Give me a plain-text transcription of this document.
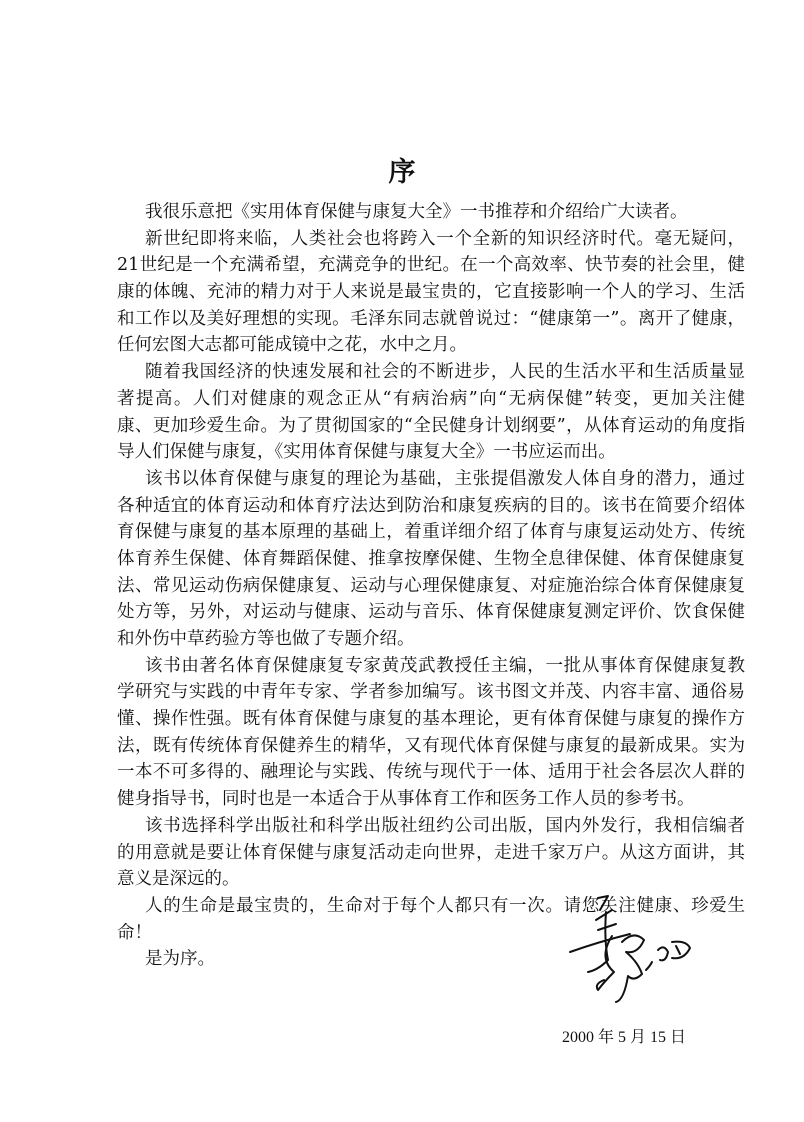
序
我很乐意把《实用体育保健与康复大全》一书推荐和介绍给广大读者。
新世纪即将来临，人类社会也将跨入一个全新的知识经济时代。毫无疑问，
21世纪是一个充满希望，充满竞争的世纪。在一个高效率、快节奏的社会里，健
康的体魄、充沛的精力对于人来说是最宝贵的，它直接影响一个人的学习、生活
和工作以及美好理想的实现。毛泽东同志就曾说过：“健康第一”。离开了健康，
任何宏图大志都可能成镜中之花，水中之月。
随着我国经济的快速发展和社会的不断进步，人民的生活水平和生活质量显
著提高。人们对健康的观念正从“有病治病”向“无病保健”转变，更加关注健
康、更加珍爱生命。为了贯彻国家的“全民健身计划纲要”，从体育运动的角度指
导人们保健与康复，《实用体育保健与康复大全》一书应运而出。
该书以体育保健与康复的理论为基础，主张提倡激发人体自身的潜力，通过
各种适宜的体育运动和体育疗法达到防治和康复疾病的目的。该书在简要介绍体
育保健与康复的基本原理的基础上，着重详细介绍了体育与康复运动处方、传统
体育养生保健、体育舞蹈保健、推拿按摩保健、生物全息律保健、体育保健康复
法、常见运动伤病保健康复、运动与心理保健康复、对症施治综合体育保健康复
处方等，另外，对运动与健康、运动与音乐、体育保健康复测定评价、饮食保健
和外伤中草药验方等也做了专题介绍。
该书由著名体育保健康复专家黄茂武教授任主编，一批从事体育保健康复教
学研究与实践的中青年专家、学者参加编写。该书图文并茂、内容丰富、通俗易
懂、操作性强。既有体育保健与康复的基本理论，更有体育保健与康复的操作方
法，既有传统体育保健养生的精华，又有现代体育保健与康复的最新成果。实为
一本不可多得的、融理论与实践、传统与现代于一体、适用于社会各层次人群的
健身指导书，同时也是一本适合于从事体育工作和医务工作人员的参考书。
该书选择科学出版社和科学出版社纽约公司出版，国内外发行，我相信编者
的用意就是要让体育保健与康复活动走向世界，走进千家万户。从这方面讲，其
意义是深远的。
人的生命是最宝贵的，生命对于每个人都只有一次。请您关注健康、珍爱生
命！
是为序。
2000 年 5 月 15 日
